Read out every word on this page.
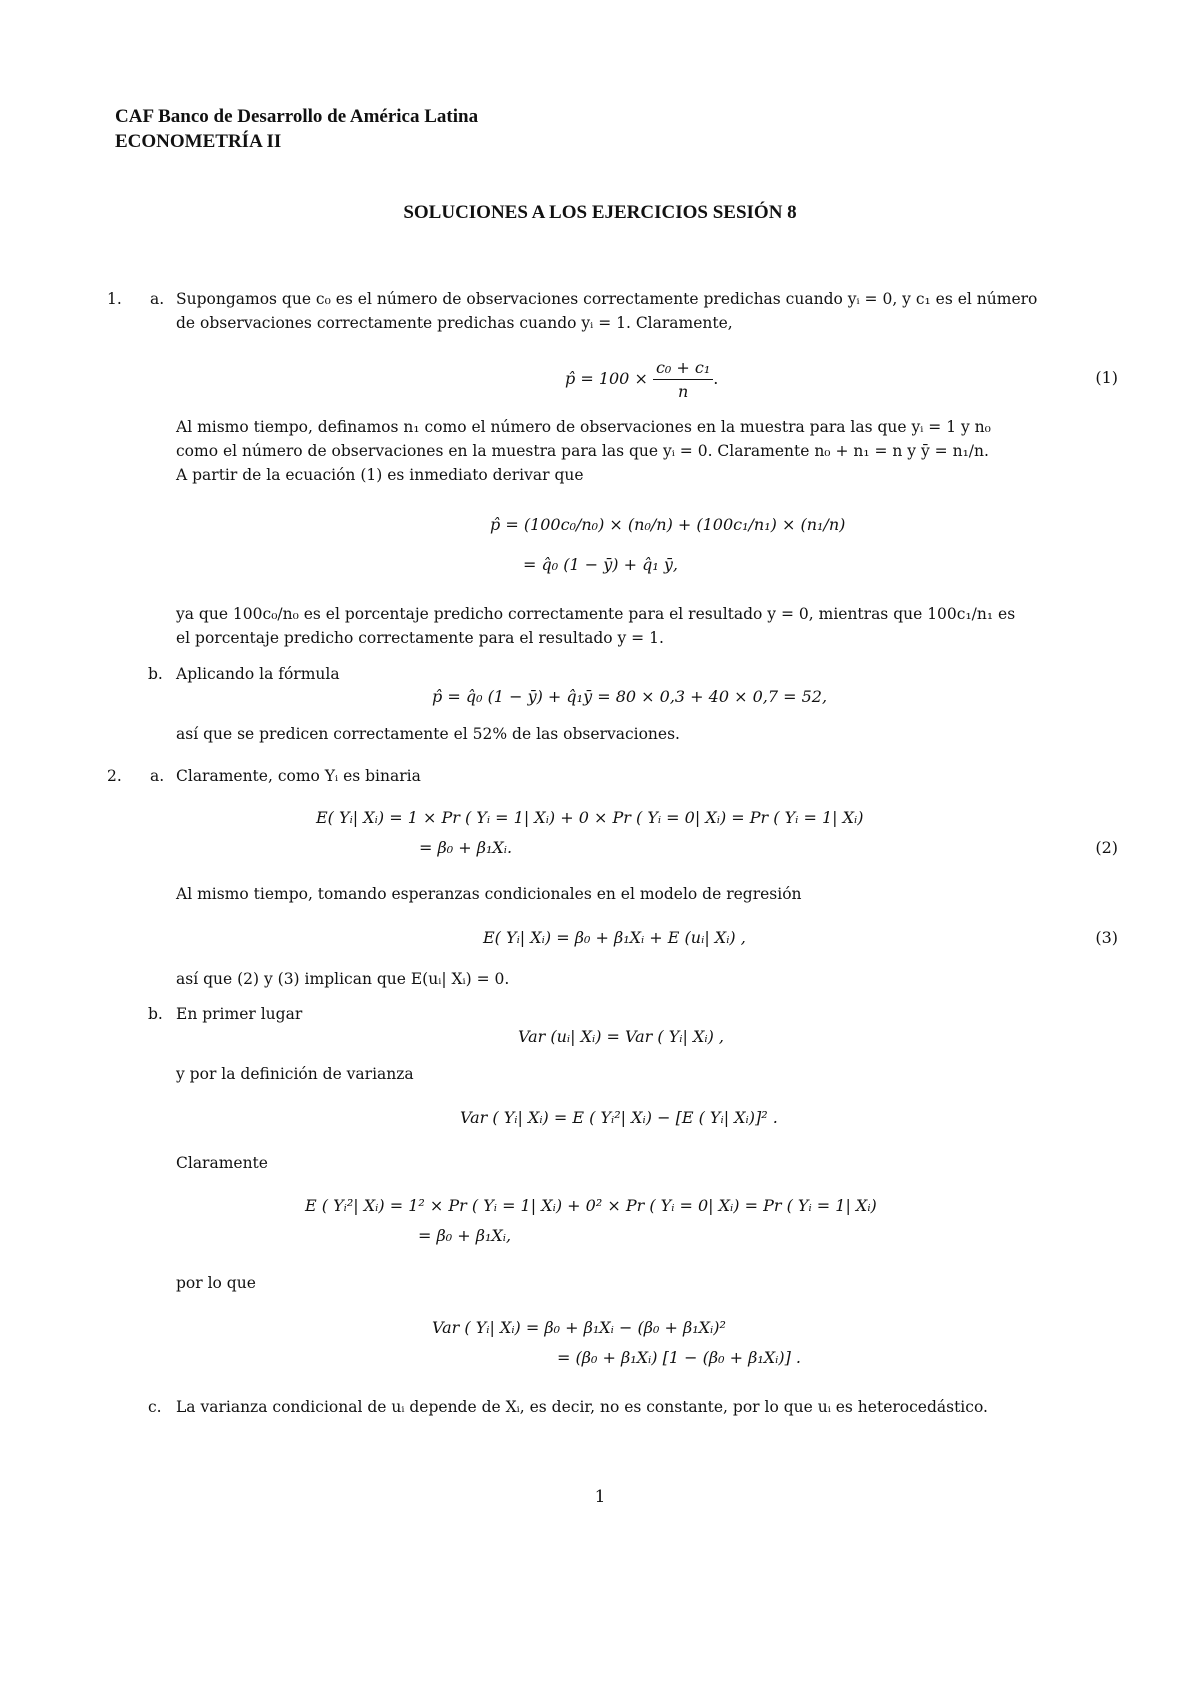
CAF Banco de Desarrollo de América Latina
ECONOMETRÍA II
SOLUCIONES A LOS EJERCICIOS SESIÓN 8
1. a. Supongamos que c₀ es el número de observaciones correctamente predichas cuando yᵢ = 0, y c₁ es el número
de observaciones correctamente predichas cuando yᵢ = 1. Claramente,
p̂ = $100 \times \frac{\text{c₀ + c₁}}{n}$ .	(1)
Al mismo tiempo, definamos n₁ como el número de observaciones en la muestra para las que yᵢ = 1 y n₀
como el número de observaciones en la muestra para las que yᵢ = 0. Claramente n₀ + n₁ = n y ȳ = n₁/n.
A partir de la ecuación (1) es inmediato derivar que
p̂ = (100c₀/n₀) × (n₀/n) + (100c₁/n₁) × (n₁/n)
= q̂₀ (1 − ȳ) + q̂₁ ȳ,
ya que 100c₀/n₀ es el porcentaje predicho correctamente para el resultado y = 0, mientras que 100c₁/n₁ es
el porcentaje predicho correctamente para el resultado y = 1.
b. Aplicando la fórmula
p̂ = q̂₀ (1 − ȳ) + q̂₁ȳ = 80 × 0,3 + 40 × 0,7 = 52,
así que se predicen correctamente el 52% de las observaciones.
2. a. Claramente, como Yᵢ es binaria
E( Yᵢ| Xᵢ) = 1 × Pr ( Yᵢ = 1| Xᵢ) + 0 × Pr ( Yᵢ = 0| Xᵢ) = Pr ( Yᵢ = 1| Xᵢ)
= β₀ + β₁Xᵢ.	(2)
Al mismo tiempo, tomando esperanzas condicionales en el modelo de regresión
E( Yᵢ| Xᵢ) = β₀ + β₁Xᵢ + E (uᵢ| Xᵢ) ,	(3)
así que (2) y (3) implican que E(uᵢ| Xᵢ) = 0.
b. En primer lugar
Var (uᵢ| Xᵢ) = Var ( Yᵢ| Xᵢ) ,
y por la definición de varianza
Var ( Yᵢ| Xᵢ) = E ( Yᵢ²| Xᵢ) − [E ( Yᵢ| Xᵢ)]² .
Claramente
E ( Yᵢ²| Xᵢ) = 1² × Pr ( Yᵢ = 1| Xᵢ) + 0² × Pr ( Yᵢ = 0| Xᵢ) = Pr ( Yᵢ = 1| Xᵢ)
= β₀ + β₁Xᵢ,
por lo que
Var ( Yᵢ| Xᵢ) = β₀ + β₁Xᵢ − (β₀ + β₁Xᵢ)²
= (β₀ + β₁Xᵢ) [1 − (β₀ + β₁Xᵢ)] .
c. La varianza condicional de uᵢ depende de Xᵢ, es decir, no es constante, por lo que uᵢ es heterocedástico.
1
